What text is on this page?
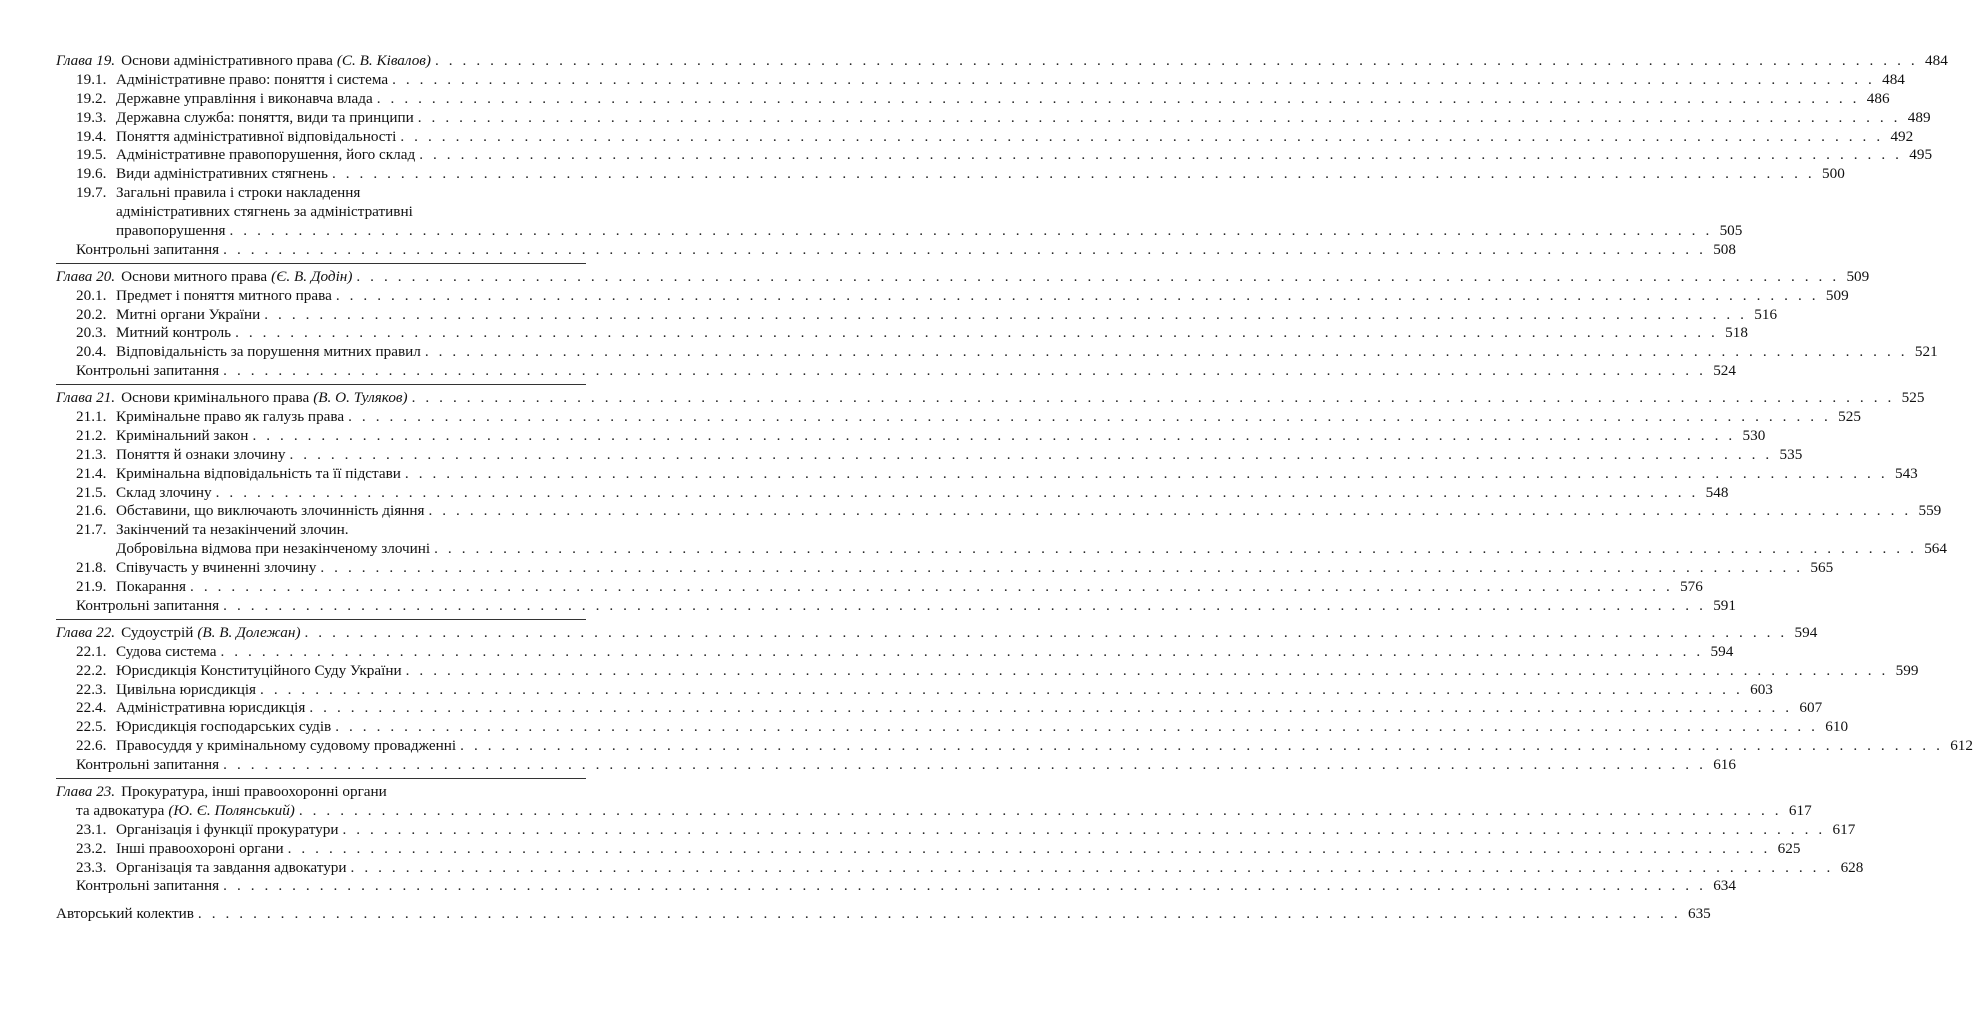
Глава 19. Основи адміністративного права (С. В. Ківалов) . . .	484
19.1. Адміністративне право: поняття і система . . .	484
19.2. Державне управління і виконавча влада . . .	486
19.3. Державна служба: поняття, види та принципи . . .	489
19.4. Поняття адміністративної відповідальності . . .	492
19.5. Адміністративне правопорушення, його склад . . .	495
19.6. Види адміністративних стягнень . . .	500
19.7. Загальні правила і строки накладення
адміністративних стягнень за адміністративні
правопорушення . . .	505
Контрольні запитання . . .	508
Глава 20. Основи митного права (Є. В. Додін) . . .	509
20.1. Предмет і поняття митного права . . .	509
20.2. Митні органи України . . .	516
20.3. Митний контроль . . .	518
20.4. Відповідальність за порушення митних правил . . .	521
Контрольні запитання . . .	524
Глава 21. Основи кримінального права (В. О. Туляков) . . .	525
21.1. Кримінальне право як галузь права . . .	525
21.2. Кримінальний закон . . .	530
21.3. Поняття й ознаки злочину . . .	535
21.4. Кримінальна відповідальність та її підстави . . .	543
21.5. Склад злочину . . .	548
21.6. Обставини, що виключають злочинність діяння . . .	559
21.7. Закінчений та незакінчений злочин.
Добровільна відмова при незакінченому злочині . . .	564
21.8. Співучасть у вчиненні злочину . . .	565
21.9. Покарання . . .	576
Контрольні запитання . . .	591
Глава 22. Судоустрій (В. В. Долежан) . . .	594
22.1. Судова система . . .	594
22.2. Юрисдикція Конституційного Суду України . . .	599
22.3. Цивільна юрисдикція . . .	603
22.4. Адміністративна юрисдикція . . .	607
22.5. Юрисдикція господарських судів . . .	610
22.6. Правосуддя у кримінальному судовому провадженні . . .	612
Контрольні запитання . . .	616
Глава 23. Прокуратура, інші правоохоронні органи
та адвокатура (Ю. Є. Полянський) . . .	617
23.1. Організація і функції прокуратури . . .	617
23.2. Інші правоохороні органи . . .	625
23.3. Організація та завдання адвокатури . . .	628
Контрольні запитання . . .	634
Авторський колектив . . .	635
